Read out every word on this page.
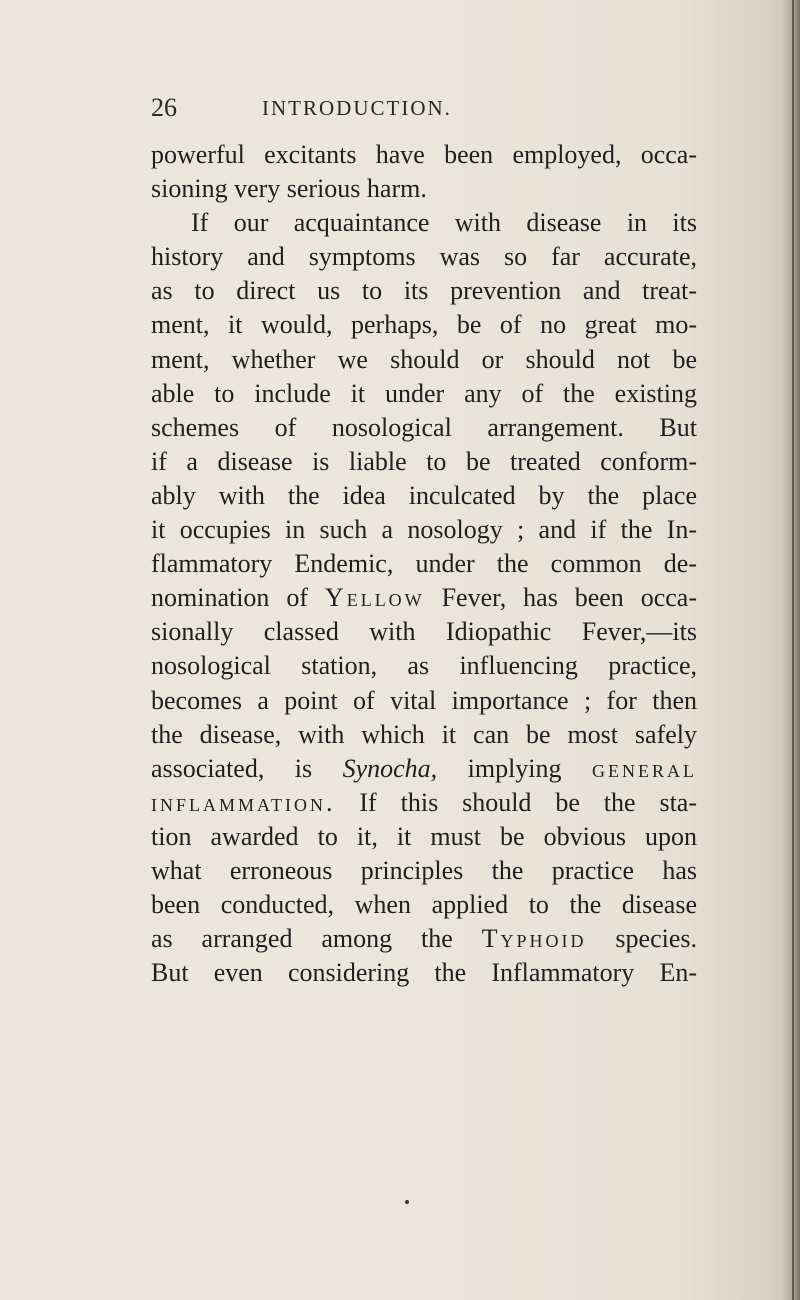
26	INTRODUCTION.
powerful excitants have been employed, occa-
sioning very serious harm.
If our acquaintance with disease in its
history and symptoms was so far accurate,
as to direct us to its prevention and treat-
ment, it would, perhaps, be of no great mo-
ment, whether we should or should not be
able to include it under any of the existing
schemes of nosological arrangement. But
if a disease is liable to be treated conform-
ably with the idea inculcated by the place
it occupies in such a nosology ; and if the In-
flammatory Endemic, under the common de-
nomination of Yellow Fever, has been occa-
sionally classed with Idiopathic Fever,—its
nosological station, as influencing practice,
becomes a point of vital importance ; for then
the disease, with which it can be most safely
associated, is Synocha, implying general
inflammation. If this should be the sta-
tion awarded to it, it must be obvious upon
what erroneous principles the practice has
been conducted, when applied to the disease
as arranged among the Typhoid species.
But even considering the Inflammatory En-
